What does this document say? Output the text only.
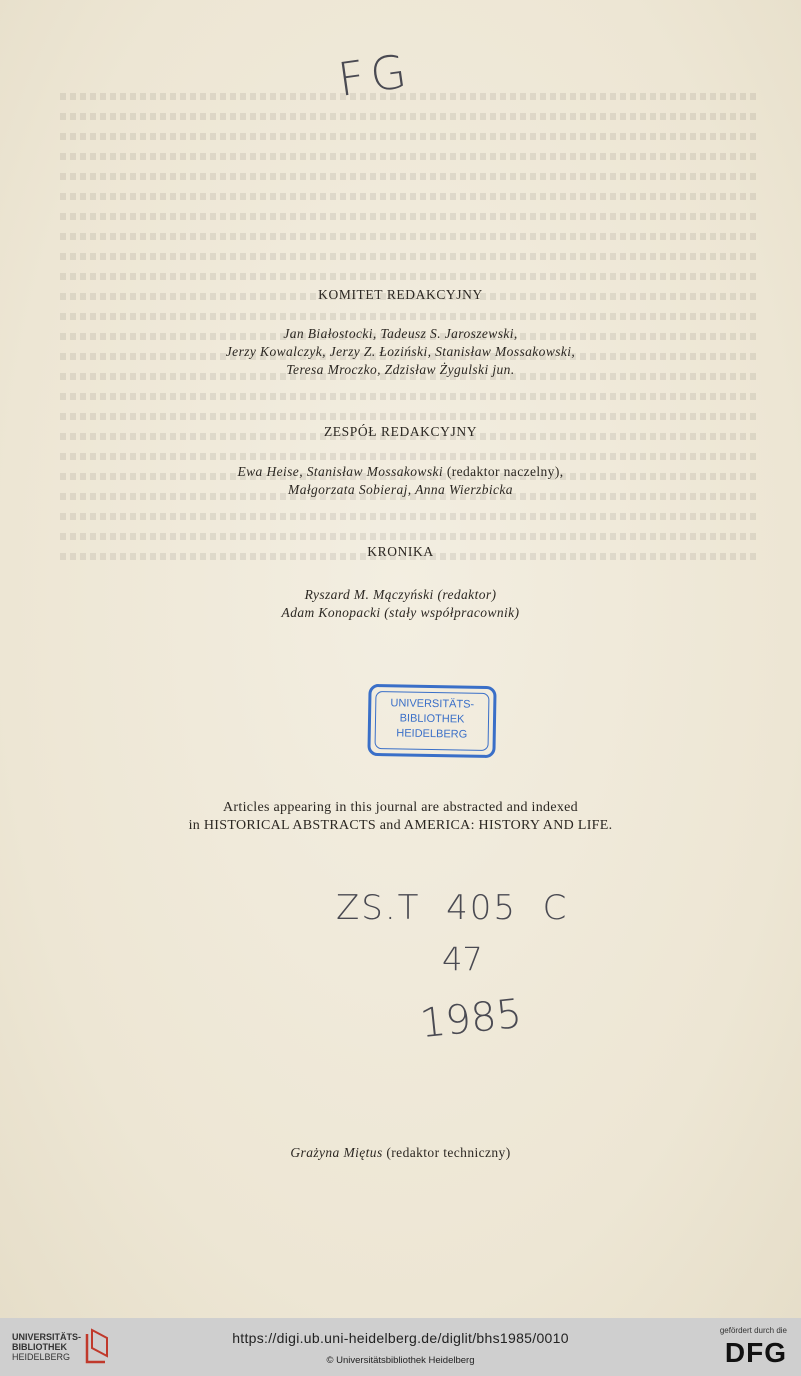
FG
KOMITET REDAKCYJNY
Jan Białostocki, Tadeusz S. Jaroszewski,
Jerzy Kowalczyk, Jerzy Z. Łoziński, Stanisław Mossakowski,
Teresa Mroczko, Zdzisław Żygulski jun.
ZESPÓŁ REDAKCYJNY
Ewa Heise, Stanisław Mossakowski (redaktor naczelny),
Małgorzata Sobieraj, Anna Wierzbicka
KRONIKA
Ryszard M. Mączyński (redaktor)
Adam Konopacki (stały współpracownik)
UNIVERSITÄTS-
BIBLIOTHEK
HEIDELBERG
Articles appearing in this journal are abstracted and indexed
in HISTORICAL ABSTRACTS and AMERICA: HISTORY AND LIFE.
ZS.T  405  C
47
1985
Grażyna Miętus (redaktor techniczny)
UNIVERSITÄTS-
BIBLIOTHEK
HEIDELBERG
https://digi.ub.uni-heidelberg.de/diglit/bhs1985/0010
© Universitätsbibliothek Heidelberg
gefördert durch die
DFG
